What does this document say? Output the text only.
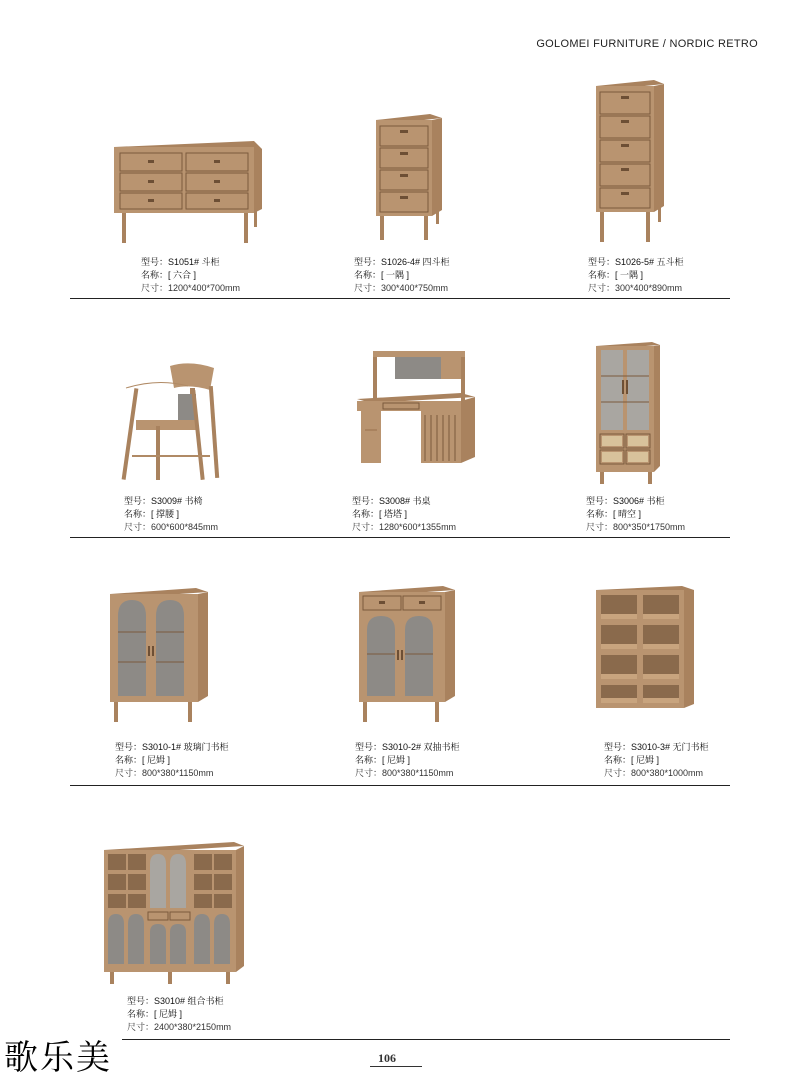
GOLOMEI FURNITURE / NORDIC RETRO
型号：S1051# 斗柜
名称：[ 六合 ]
尺寸：1200*400*700mm
型号：S1026-4# 四斗柜
名称：[ 一隅 ]
尺寸：300*400*750mm
型号：S1026-5# 五斗柜
名称：[ 一隅 ]
尺寸：300*400*890mm
型号：S3009# 书椅
名称：[ 撑腰 ]
尺寸：600*600*845mm
型号：S3008# 书桌
名称：[ 塔塔 ]
尺寸：1280*600*1355mm
型号：S3006# 书柜
名称：[ 晴空 ]
尺寸：800*350*1750mm
型号：S3010-1# 玻璃门书柜
名称：[ 尼姆 ]
尺寸：800*380*1150mm
型号：S3010-2# 双抽书柜
名称：[ 尼姆 ]
尺寸：800*380*1150mm
型号：S3010-3# 无门书柜
名称：[ 尼姆 ]
尺寸：800*380*1000mm
型号：S3010# 组合书柜
名称：[ 尼姆 ]
尺寸：2400*380*2150mm
歌乐美	106
